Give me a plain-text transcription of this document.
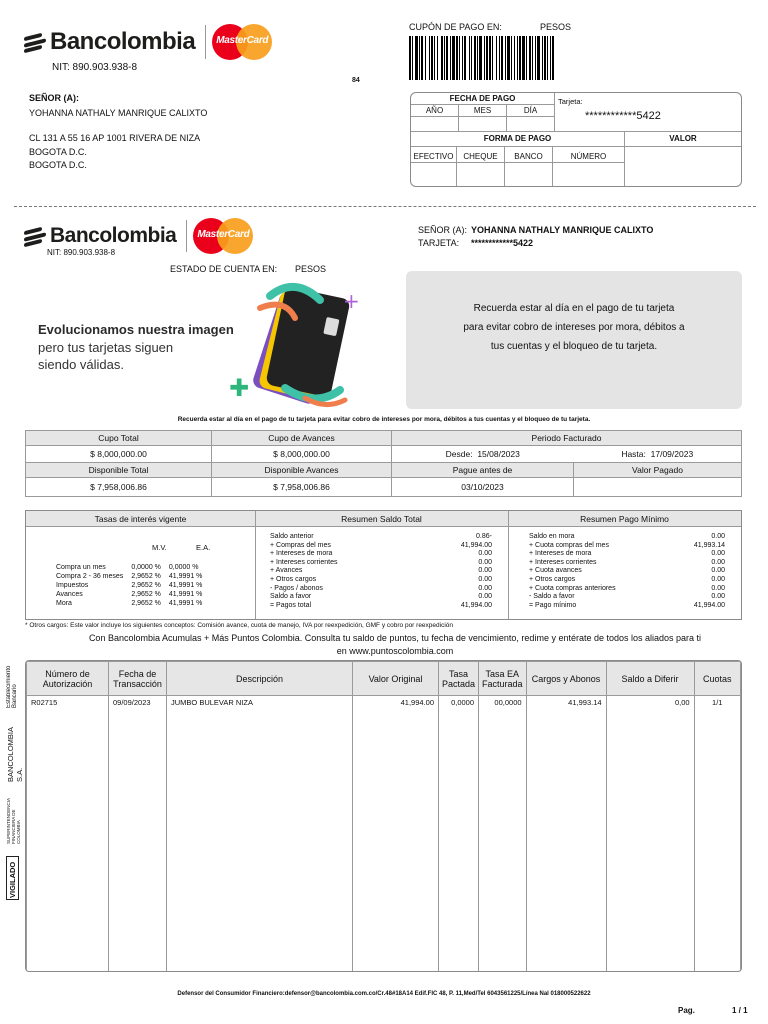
Bancolombia MasterCard
NIT: 890.903.938-8
84
CUPÓN DE PAGO EN:	PESOS
SEÑOR (A):
YOHANNA NATHALY MANRIQUE CALIXTO
CL 131 A 55 16 AP 1001 RIVERA DE NIZA
BOGOTA D.C.
BOGOTA D.C.
FECHA DE PAGO
AÑO	MES	DÍA
Tarjeta:
************5422
FORMA DE PAGO	VALOR
EFECTIVO	CHEQUE	BANCO	NÚMERO
Bancolombia MasterCard
NIT: 890.903.938-8
ESTADO DE CUENTA EN: PESOS
SEÑOR (A): YOHANNA NATHALY MANRIQUE CALIXTO
TARJETA: ************5422
Evolucionamos nuestra imagen
pero tus tarjetas siguen
siendo válidas.
+
✚
Recuerda estar al día en el pago de tu tarjeta
para evitar cobro de intereses por mora, débitos a
tus cuentas y el bloqueo de tu tarjeta.
Recuerda estar al día en el pago de tu tarjeta para evitar cobro de intereses por mora, débitos a tus cuentas y el bloqueo de tu tarjeta.
Cupo Total	Cupo de Avances	Periodo Facturado	
$ 8,000,000.00	$ 8,000,000.00	Desde: 15/08/2023	Hasta: 17/09/2023
Disponible Total	Disponible Avances	Pague antes de	Valor Pagado
$ 7,958,006.86	$ 7,958,006.86	03/10/2023	
Tasas de interés vigente	Resumen Saldo Total	Resumen Pago Mínimo
M.V.	E.A.
Compra un mes	0,0000 %	0,0000 %
Compra 2 - 36 meses	2,9652 %	41,9991 %
Impuestos	2,9652 %	41,9991 %
Avances	2,9652 %	41,9991 %
Mora	2,9652 %	41,9991 %
Saldo anterior	0.86-
+ Compras del mes	41,994.00
+ Intereses de mora	0.00
+ Intereses corrientes	0.00
+ Avances	0.00
+ Otros cargos	0.00
- Pagos / abonos	0.00
Saldo a favor	0.00
= Pagos total	41,994.00
Saldo en mora	0.00
+ Cuota compras del mes	41,993.14
+ Intereses de mora	0.00
+ Intereses corrientes	0.00
+ Cuota avances	0.00
+ Otros cargos	0.00
+ Cuota compras anteriores	0.00
- Saldo a favor	0.00
= Pago mínimo	41,994.00
* Otros cargos: Este valor incluye los siguientes conceptos: Comisión avance, cuota de manejo, IVA por reexpedición, GMF y cobro por reexpedición
Con Bancolombia Acumulas + Más Puntos Colombia. Consulta tu saldo de puntos, tu fecha de vencimiento, redime y entérate de todos los aliados para ti
en www.puntoscolombia.com
Establecimiento Bancario
BANCOLOMBIA S.A.
SUPERINTENDENCIA FINANCIERA DE COLOMBIA
VIGILADO
Número de Autorización	Fecha de Transacción	Descripción	Valor Original	Tasa Pactada	Tasa EA Facturada	Cargos y Abonos	Saldo a Diferir	Cuotas
R02715	09/09/2023	JUMBO BULEVAR NIZA	41,994.00	0,0000	00,0000	41,993.14	0,00	1/1

Defensor del Consumidor Financiero:defensor@bancolombia.com.co/Cr.48#18A14 Edif.FIC 48, P. 11,Med/Tel 6043561225/Línea Nal 018000522622
Pag.	1 / 1
